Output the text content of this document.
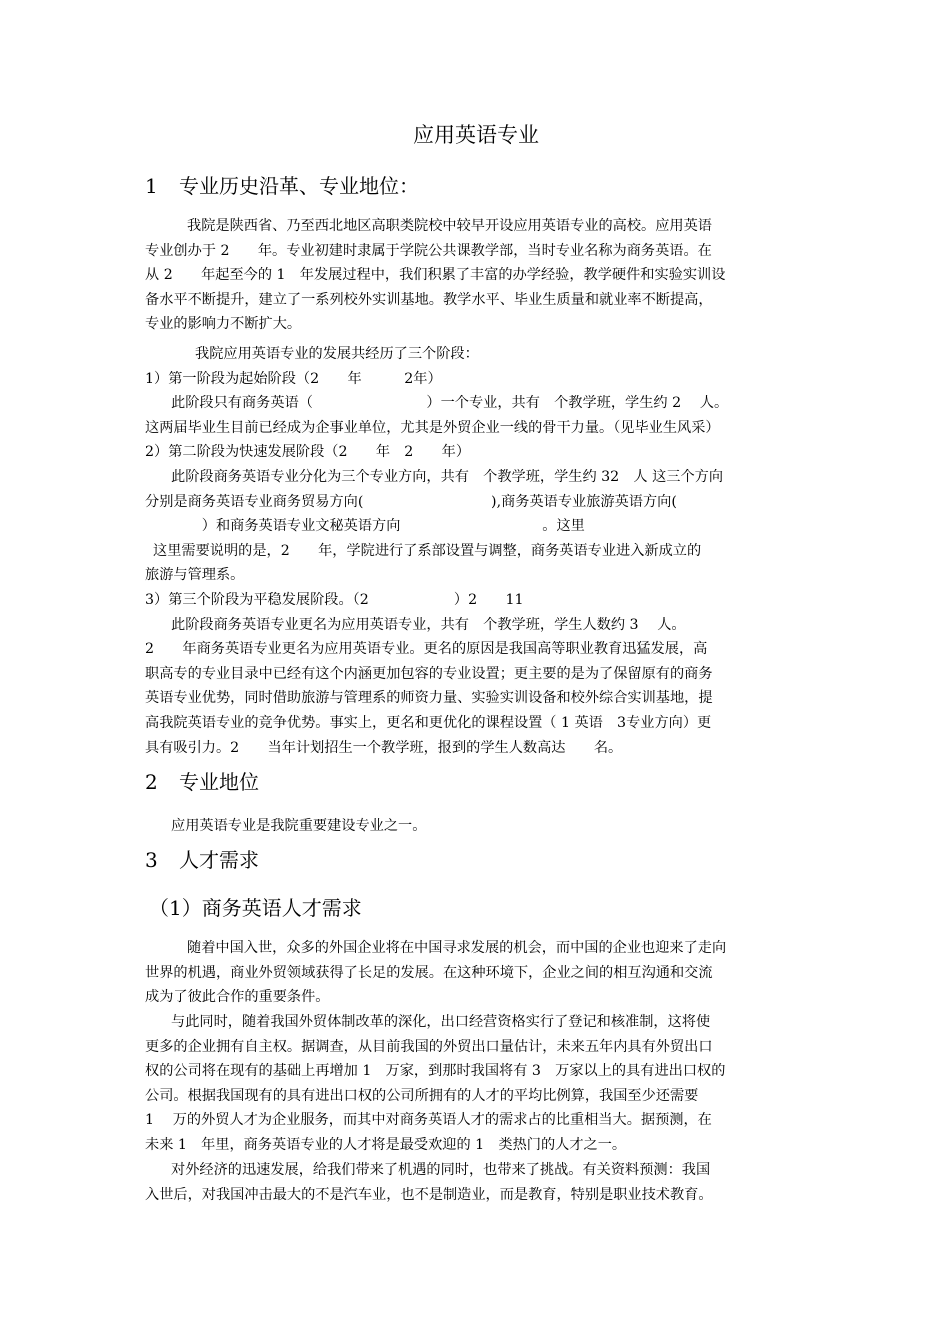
应用英语专业
1 专业历史沿革、专业地位：
我院是陕西省、乃至西北地区高职类院校中较早开设应用英语专业的高校。应用英语
专业创办于 2　　年。专业初建时隶属于学院公共课教学部，当时专业名称为商务英语。在
从 2　　年起至今的 1　年发展过程中，我们积累了丰富的办学经验，教学硬件和实验实训设
备水平不断提升，建立了一系列校外实训基地。教学水平、毕业生质量和就业率不断提高，
专业的影响力不断扩大。
我院应用英语专业的发展共经历了三个阶段：
1）第一阶段为起始阶段（2　　年　　　2年）
此阶段只有商务英语（　　　　　　　　）一个专业，共有　个教学班，学生约 2　 人。
这两届毕业生目前已经成为企事业单位，尤其是外贸企业一线的骨干力量。（见毕业生风采）
2）第二阶段为快速发展阶段（2　　年　2　　年）
此阶段商务英语专业分化为三个专业方向，共有　个教学班，学生约 32　人 这三个方向
分别是商务英语专业商务贸易方向(　　　　　　　　　),商务英语专业旅游英语方向(
　　　　）和商务英语专业文秘英语方向　　　　　　　　　　。这里
这里需要说明的是，2　　年，学院进行了系部设置与调整，商务英语专业进入新成立的
旅游与管理系。
3）第三个阶段为平稳发展阶段。（2　　　　　　）2　　11
此阶段商务英语专业更名为应用英语专业，共有　个教学班，学生人数约 3　 人。
2　　年商务英语专业更名为应用英语专业。更名的原因是我国高等职业教育迅猛发展，高
职高专的专业目录中已经有这个内涵更加包容的专业设置；更主要的是为了保留原有的商务
英语专业优势，同时借助旅游与管理系的师资力量、实验实训设备和校外综合实训基地，提
高我院英语专业的竞争优势。事实上，更名和更优化的课程设置（ 1 英语　3专业方向）更
具有吸引力。2　　当年计划招生一个教学班，报到的学生人数高达　　名。
2 专业地位
应用英语专业是我院重要建设专业之一。
3 人才需求
（1）商务英语人才需求
随着中国入世，众多的外国企业将在中国寻求发展的机会，而中国的企业也迎来了走向
世界的机遇，商业外贸领域获得了长足的发展。在这种环境下，企业之间的相互沟通和交流
成为了彼此合作的重要条件。
与此同时，随着我国外贸体制改革的深化，出口经营资格实行了登记和核准制，这将使
更多的企业拥有自主权。据调查，从目前我国的外贸出口量估计，未来五年内具有外贸出口
权的公司将在现有的基础上再增加 1　万家，到那时我国将有 3　万家以上的具有进出口权的
公司。根据我国现有的具有进出口权的公司所拥有的人才的平均比例算，我国至少还需要
1　 万的外贸人才为企业服务，而其中对商务英语人才的需求占的比重相当大。据预测，在
未来 1　年里，商务英语专业的人才将是最受欢迎的 1　类热门的人才之一。
对外经济的迅速发展，给我们带来了机遇的同时，也带来了挑战。有关资料预测：我国
入世后，对我国冲击最大的不是汽车业，也不是制造业，而是教育，特别是职业技术教育。
